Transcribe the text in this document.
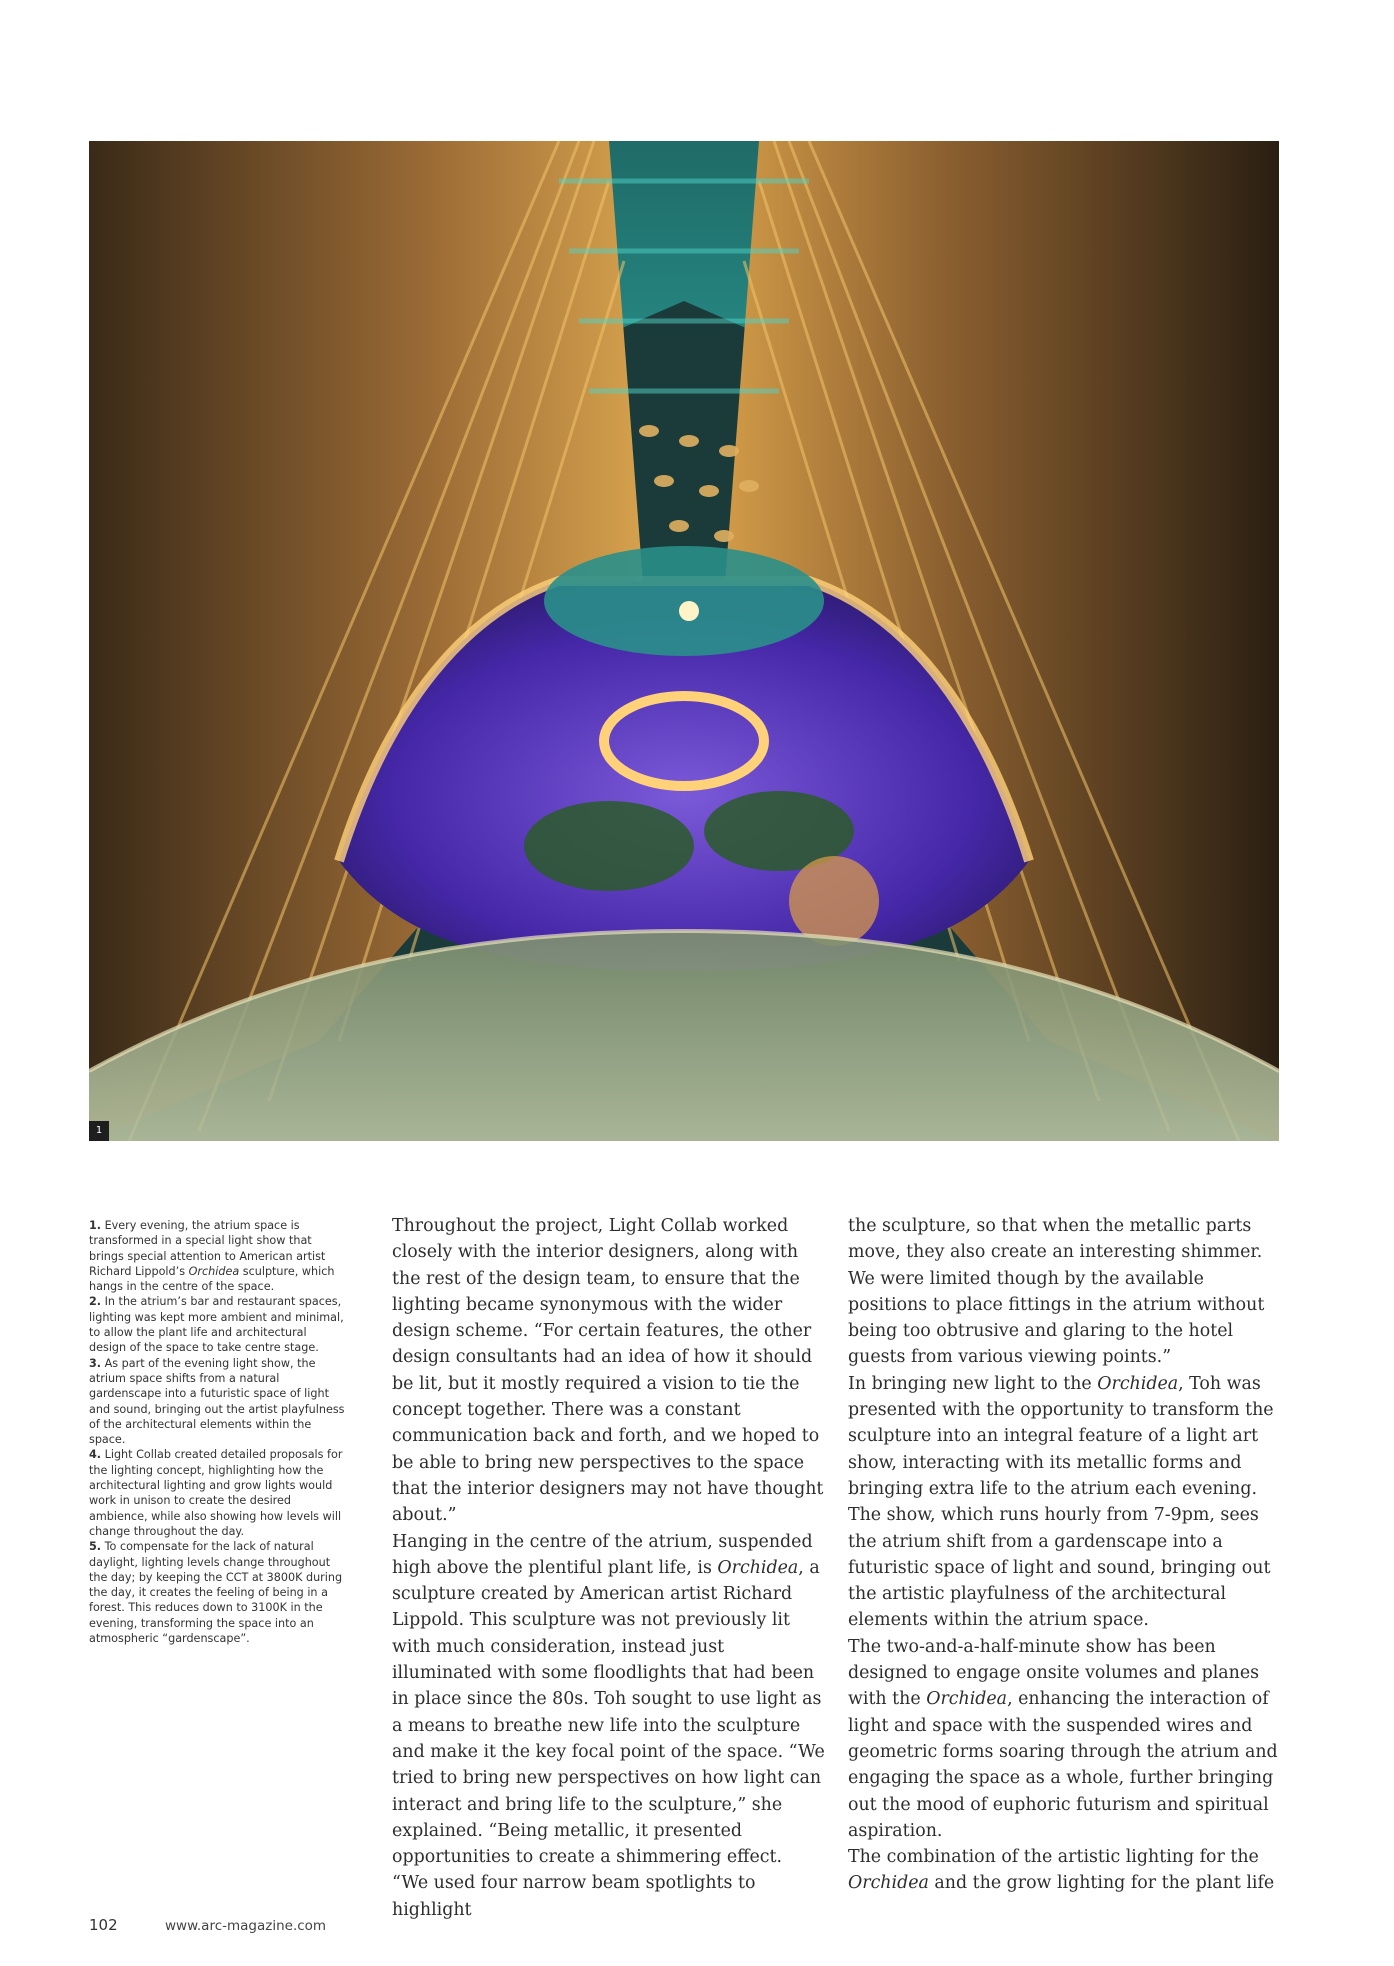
1

1. Every evening, the atrium space is transformed in a special light show that brings special attention to American artist Richard Lippold’s Orchidea sculpture, which hangs in the centre of the space.

2. In the atrium’s bar and restaurant spaces, lighting was kept more ambient and minimal, to allow the plant life and architectural design of the space to take centre stage.

3. As part of the evening light show, the atrium space shifts from a natural gardenscape into a futuristic space of light and sound, bringing out the artist playfulness of the architectural elements within the space.

4. Light Collab created detailed proposals for the lighting concept, highlighting how the architectural lighting and grow lights would work in unison to create the desired ambience, while also showing how levels will change throughout the day.

5. To compensate for the lack of natural daylight, lighting levels change throughout the day; by keeping the CCT at 3800K during the day, it creates the feeling of being in a forest. This reduces down to 3100K in the evening, transforming the space into an atmospheric “gardenscape”.

Throughout the project, Light Collab worked closely with the interior designers, along with the rest of the design team, to ensure that the lighting became synonymous with the wider design scheme. “For certain features, the other design consultants had an idea of how it should be lit, but it mostly required a vision to tie the concept together. There was a constant communication back and forth, and we hoped to be able to bring new perspectives to the space that the interior designers may not have thought about.”

Hanging in the centre of the atrium, suspended high above the plentiful plant life, is Orchidea, a sculpture created by American artist Richard Lippold. This sculpture was not previously lit with much consideration, instead just illuminated with some floodlights that had been in place since the 80s. Toh sought to use light as a means to breathe new life into the sculpture and make it the key focal point of the space. “We tried to bring new perspectives on how light can interact and bring life to the sculpture,” she explained. “Being metallic, it presented opportunities to create a shimmering effect.

“We used four narrow beam spotlights to highlight

the sculpture, so that when the metallic parts move, they also create an interesting shimmer. We were limited though by the available positions to place fittings in the atrium without being too obtrusive and glaring to the hotel guests from various viewing points.”

In bringing new light to the Orchidea, Toh was presented with the opportunity to transform the sculpture into an integral feature of a light art show, interacting with its metallic forms and bringing extra life to the atrium each evening. The show, which runs hourly from 7-9pm, sees the atrium shift from a gardenscape into a futuristic space of light and sound, bringing out the artistic playfulness of the architectural elements within the atrium space.

The two-and-a-half-minute show has been designed to engage onsite volumes and planes with the Orchidea, enhancing the interaction of light and space with the suspended wires and geometric forms soaring through the atrium and engaging the space as a whole, further bringing out the mood of euphoric futurism and spiritual aspiration.

The combination of the artistic lighting for the Orchidea and the grow lighting for the plant life

102	www.arc-magazine.com
